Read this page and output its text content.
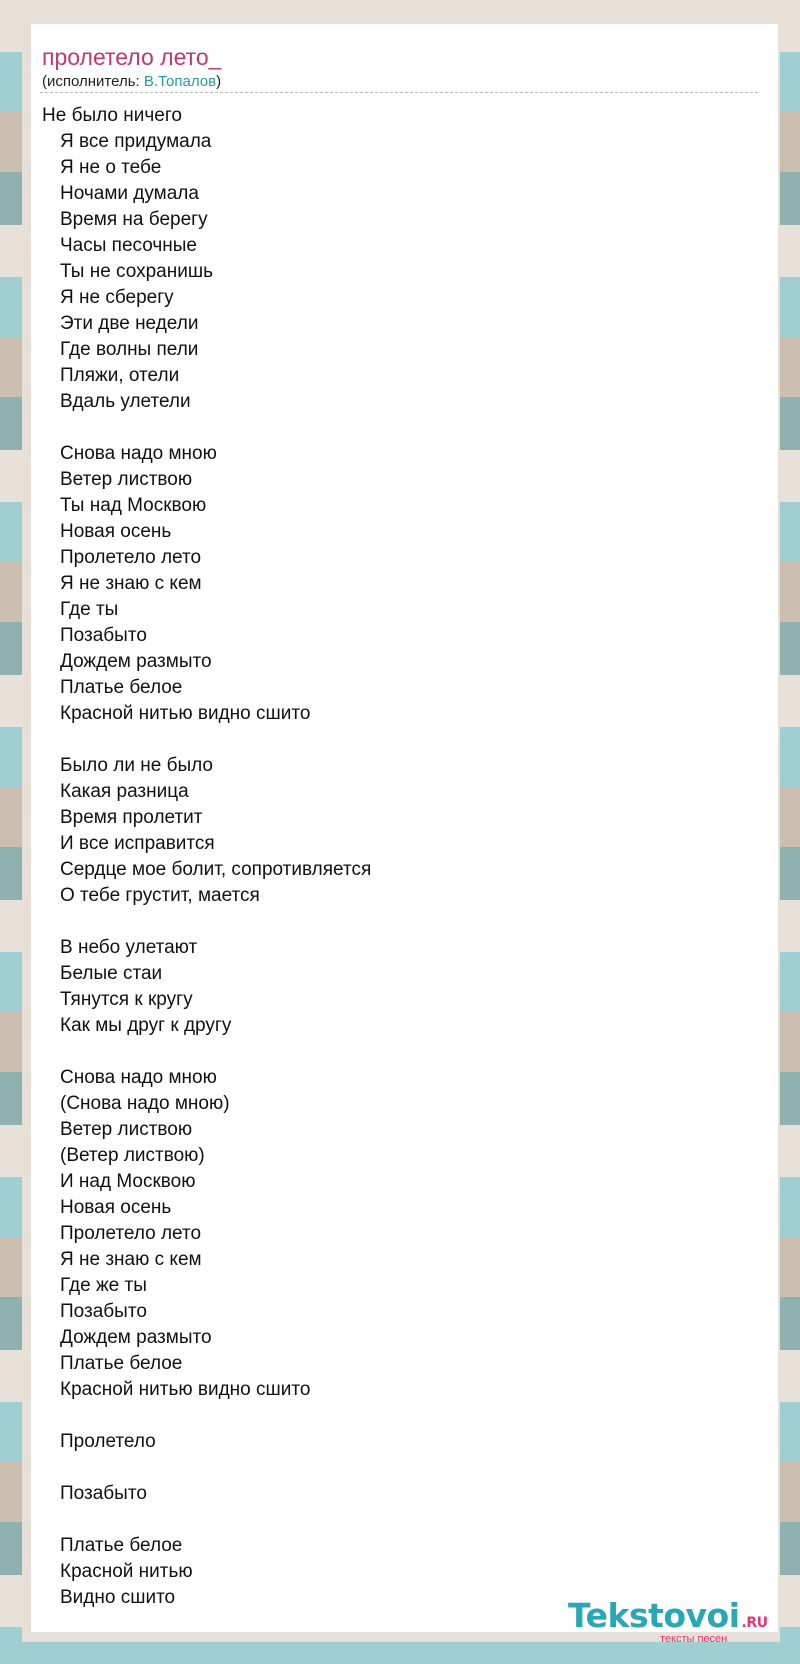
пролетело лето_
(исполнитель: В.Топалов)
Не было ничего
Я все придумала
Я не о тебе
Ночами думала
Время на берегу
Часы песочные
Ты не сохранишь
Я не сберегу
Эти две недели
Где волны пели
Пляжи, отели
Вдаль улетели
Снова надо мною
Ветер листвою
Ты над Москвою
Новая осень
Пролетело лето
Я не знаю с кем
Где ты
Позабыто
Дождем размыто
Платье белое
Красной нитью видно сшито
Было ли не было
Какая разница
Время пролетит
И все исправится
Сердце мое болит, сопротивляется
О тебе грустит, мается
В небо улетают
Белые стаи
Тянутся к кругу
Как мы друг к другу
Снова надо мною
(Снова надо мною)
Ветер листвою
(Ветер листвою)
И над Москвою
Новая осень
Пролетело лето
Я не знаю с кем
Где же ты
Позабыто
Дождем размыто
Платье белое
Красной нитью видно сшито
Пролетело
Позабыто
Платье белое
Красной нитью
Видно сшито	Tekstovoi .RU
тексты песен
